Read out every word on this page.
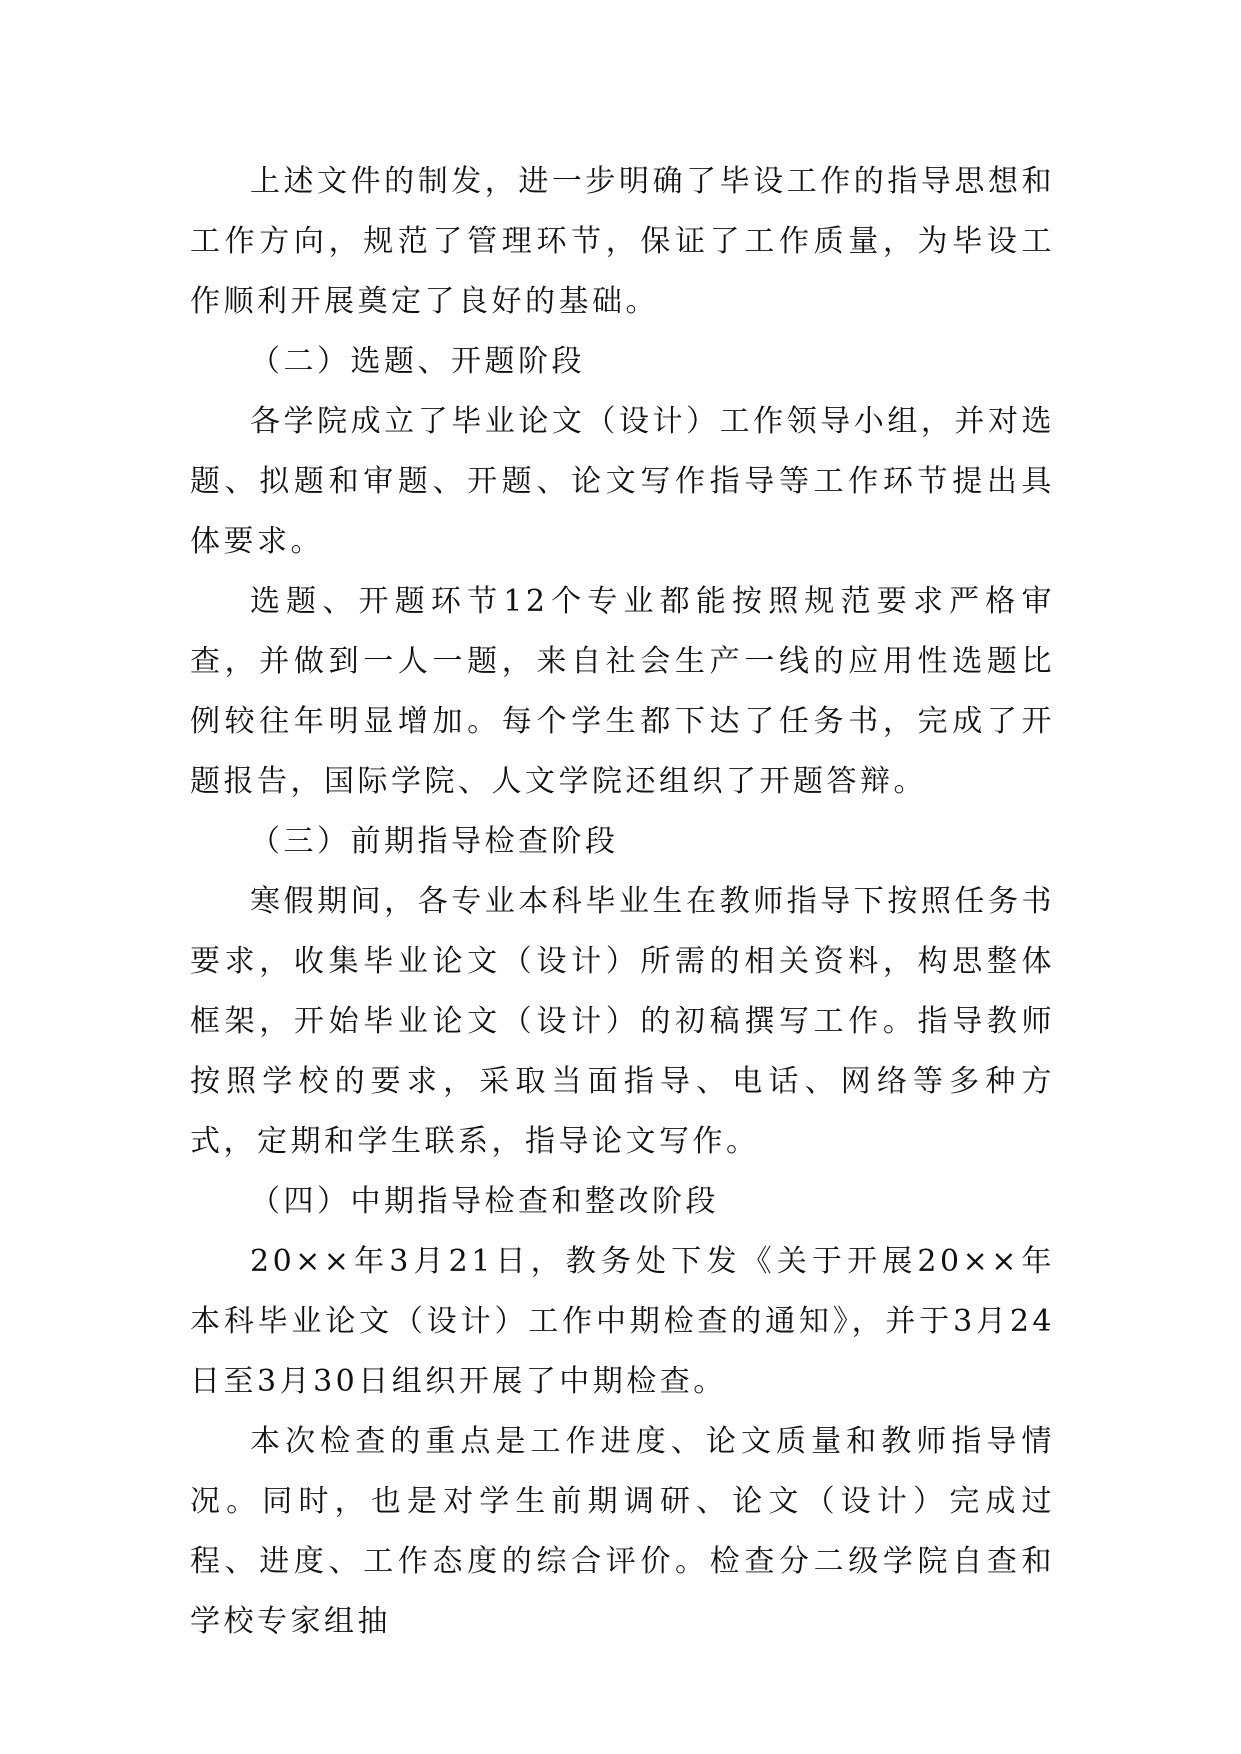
上述文件的制发，进一步明确了毕设工作的指导思想和工作方向，规范了管理环节，保证了工作质量，为毕设工作顺利开展奠定了良好的基础。

（二）选题、开题阶段

各学院成立了毕业论文（设计）工作领导小组，并对选题、拟题和审题、开题、论文写作指导等工作环节提出具体要求。

选题、开题环节12个专业都能按照规范要求严格审查，并做到一人一题，来自社会生产一线的应用性选题比例较往年明显增加。每个学生都下达了任务书，完成了开题报告，国际学院、人文学院还组织了开题答辩。

（三）前期指导检查阶段

寒假期间，各专业本科毕业生在教师指导下按照任务书要求，收集毕业论文（设计）所需的相关资料，构思整体框架，开始毕业论文（设计）的初稿撰写工作。指导教师按照学校的要求，采取当面指导、电话、网络等多种方式，定期和学生联系，指导论文写作。

（四）中期指导检查和整改阶段

20××年3月21日，教务处下发《关于开展20××年本科毕业论文（设计）工作中期检查的通知》，并于3月24日至3月30日组织开展了中期检查。

本次检查的重点是工作进度、论文质量和教师指导情况。同时，也是对学生前期调研、论文（设计）完成过程、进度、工作态度的综合评价。检查分二级学院自查和学校专家组抽
